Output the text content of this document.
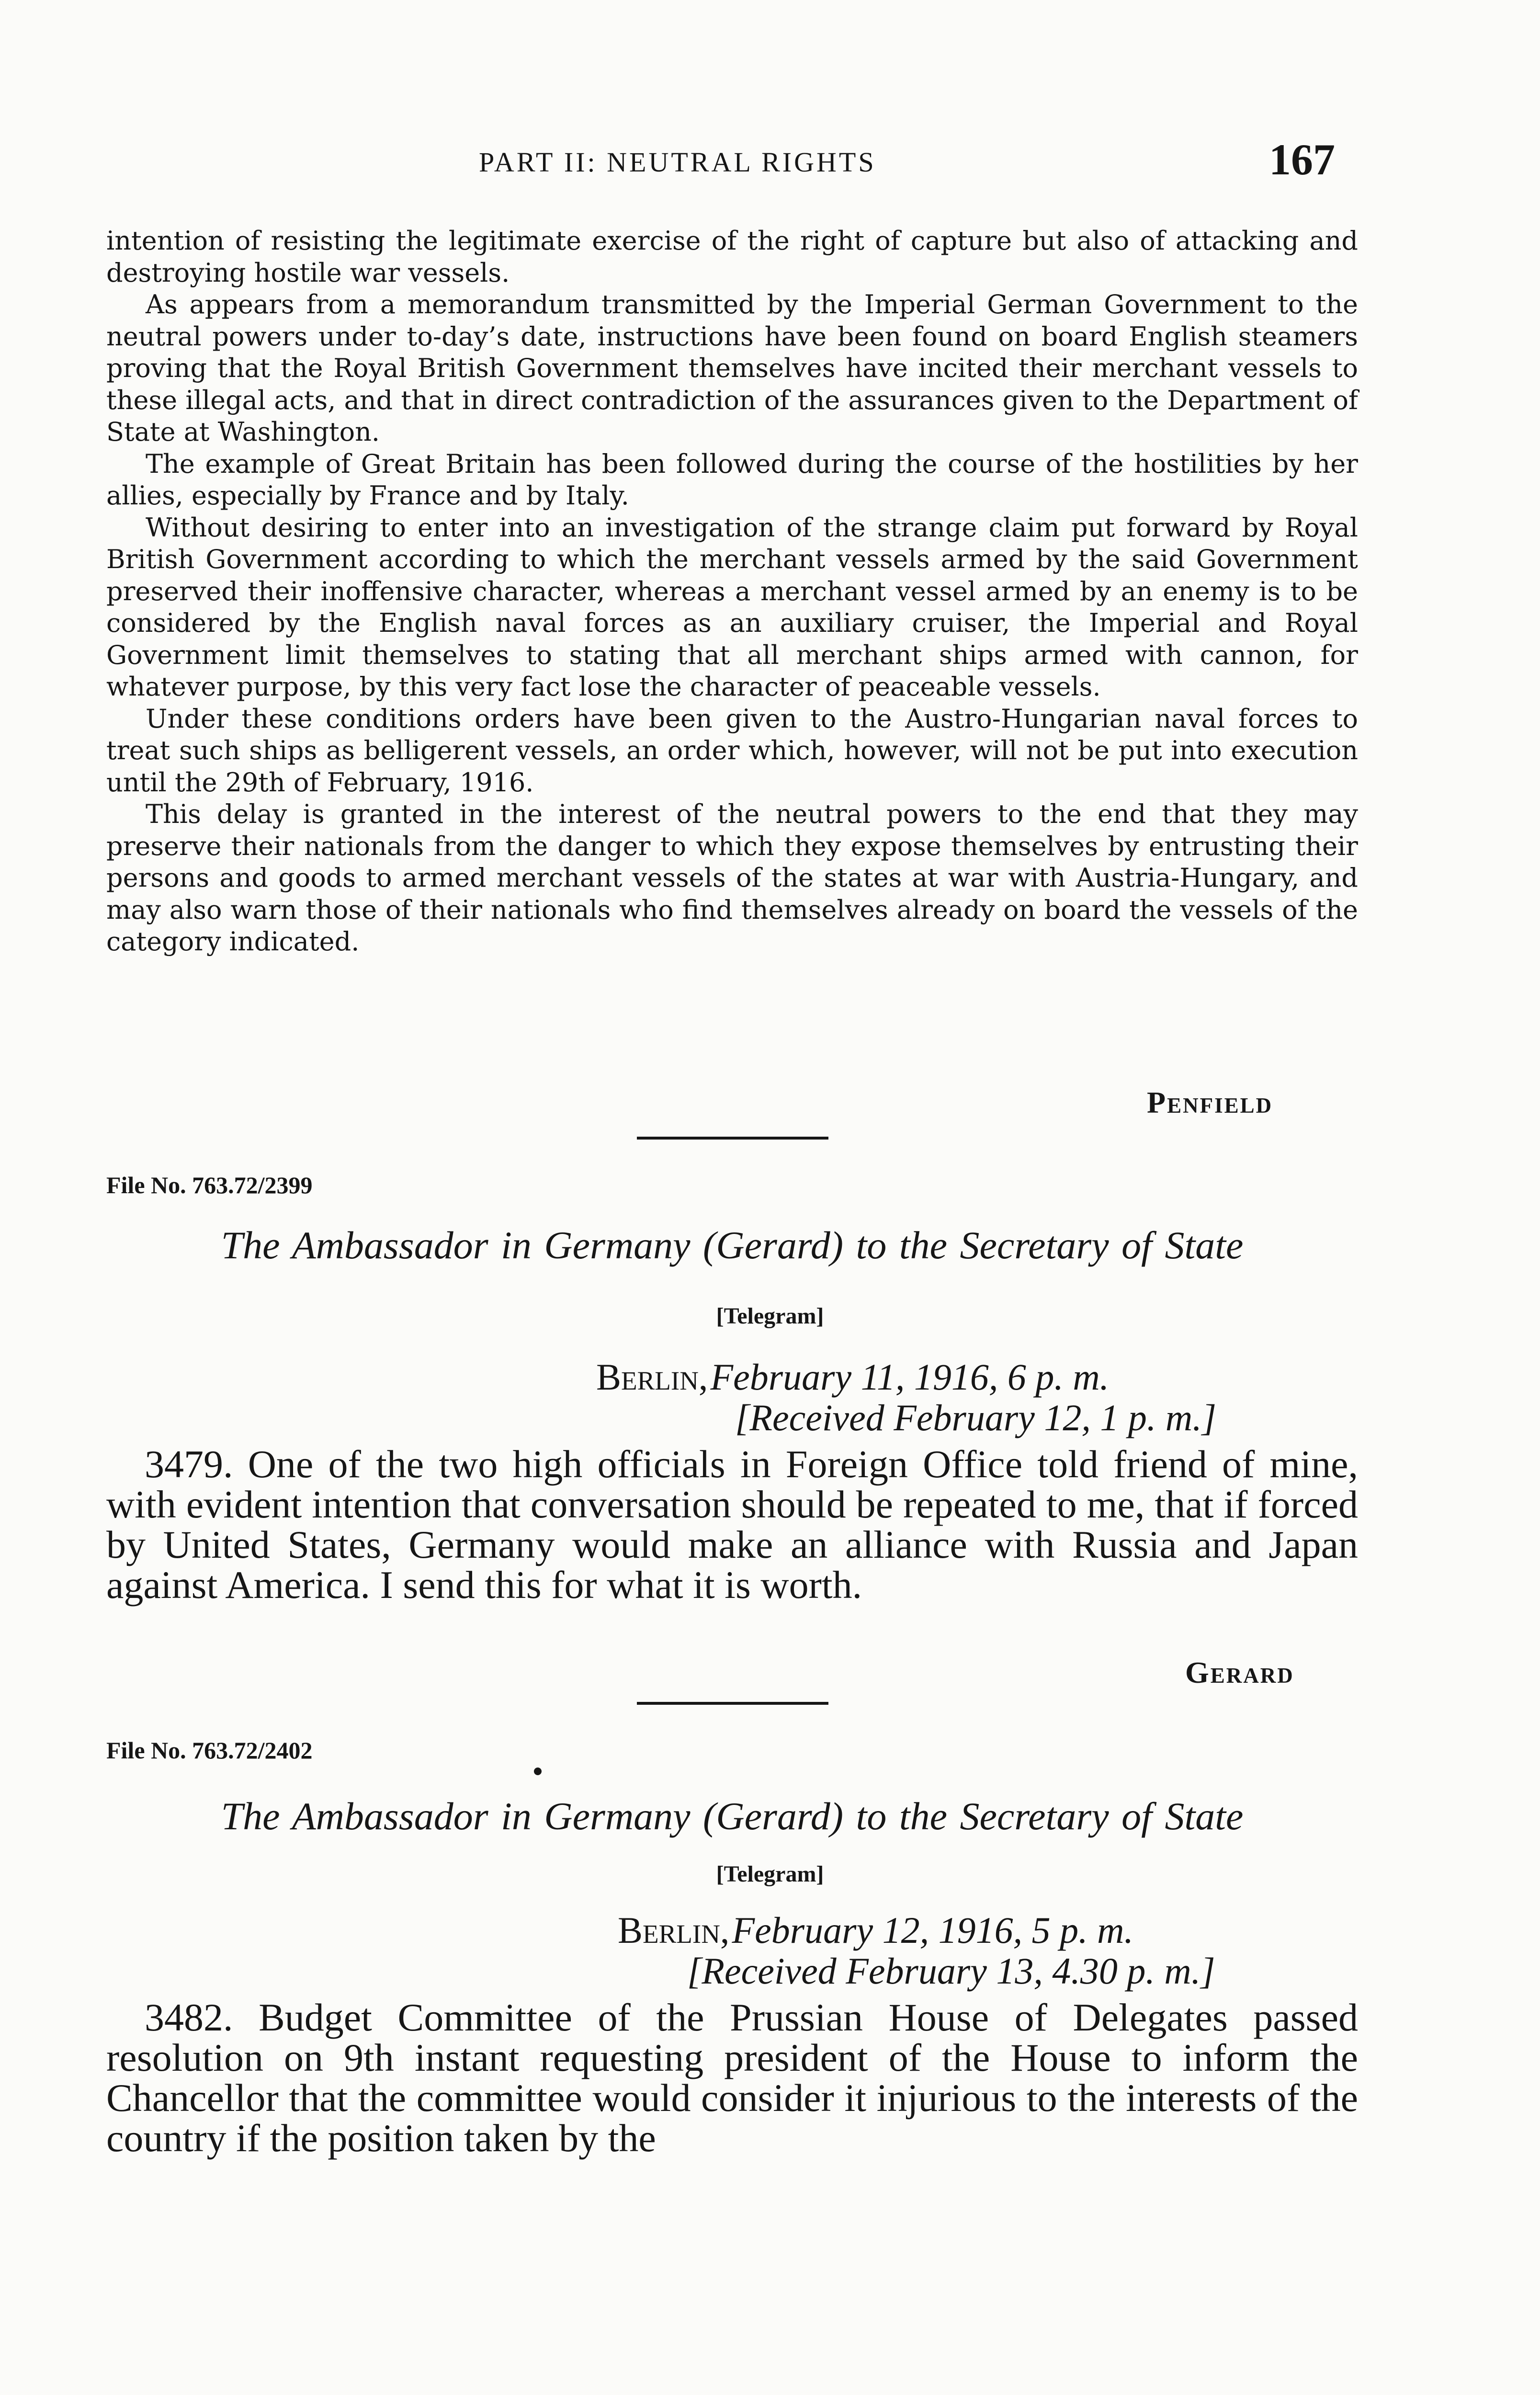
PART II: NEUTRAL RIGHTS	167

intention of resisting the legitimate exercise of the right of capture but also of attacking and destroying hostile war vessels.

As appears from a memorandum transmitted by the Imperial German Government to the neutral powers under to-day’s date, instructions have been found on board English steamers proving that the Royal British Government themselves have incited their merchant vessels to these illegal acts, and that in direct contradiction of the assurances given to the Department of State at Washington.

The example of Great Britain has been followed during the course of the hostilities by her allies, especially by France and by Italy.

Without desiring to enter into an investigation of the strange claim put forward by Royal British Government according to which the merchant vessels armed by the said Government preserved their inoffensive character, whereas a merchant vessel armed by an enemy is to be considered by the English naval forces as an auxiliary cruiser, the Imperial and Royal Government limit themselves to stating that all merchant ships armed with cannon, for whatever purpose, by this very fact lose the character of peaceable vessels.

Under these conditions orders have been given to the Austro-Hungarian naval forces to treat such ships as belligerent vessels, an order which, however, will not be put into execution until the 29th of February, 1916.

This delay is granted in the interest of the neutral powers to the end that they may preserve their nationals from the danger to which they expose themselves by entrusting their persons and goods to armed merchant vessels of the states at war with Austria-Hungary, and may also warn those of their nationals who find themselves already on board the vessels of the category indicated.

Penfield
File No. 763.72/2399
The Ambassador in Germany (Gerard) to the Secretary of State
[Telegram]
Berlin, February 11, 1916, 6 p. m.
[Received February 12, 1 p. m.]

3479. One of the two high officials in Foreign Office told friend of mine, with evident intention that conversation should be repeated to me, that if forced by United States, Germany would make an alliance with Russia and Japan against America. I send this for what it is worth.

Gerard
File No. 763.72/2402
The Ambassador in Germany (Gerard) to the Secretary of State
[Telegram]
Berlin, February 12, 1916, 5 p. m.
[Received February 13, 4.30 p. m.]

3482. Budget Committee of the Prussian House of Delegates passed resolution on 9th instant requesting president of the House to inform the Chancellor that the committee would consider it injurious to the interests of the country if the position taken by the
